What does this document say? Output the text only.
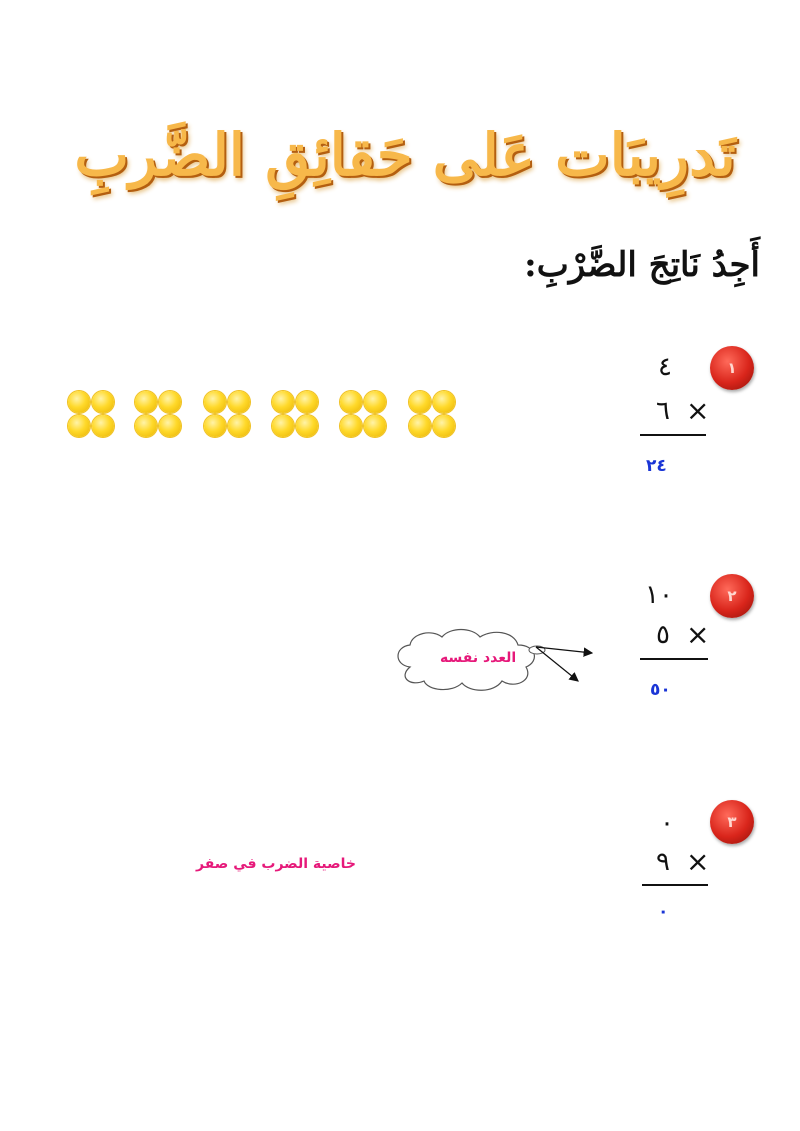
تَدرِيبَات عَلى حَقائِقِ الضَّربِ
أَجِدُ نَاتِجَ الضَّرْبِ:
١
٤
×
٦
٢٤
٢
١٠
×
٥
٥٠
العدد نفسه
٣
٠
×
٩
٠
خاصية الضرب في صفر
